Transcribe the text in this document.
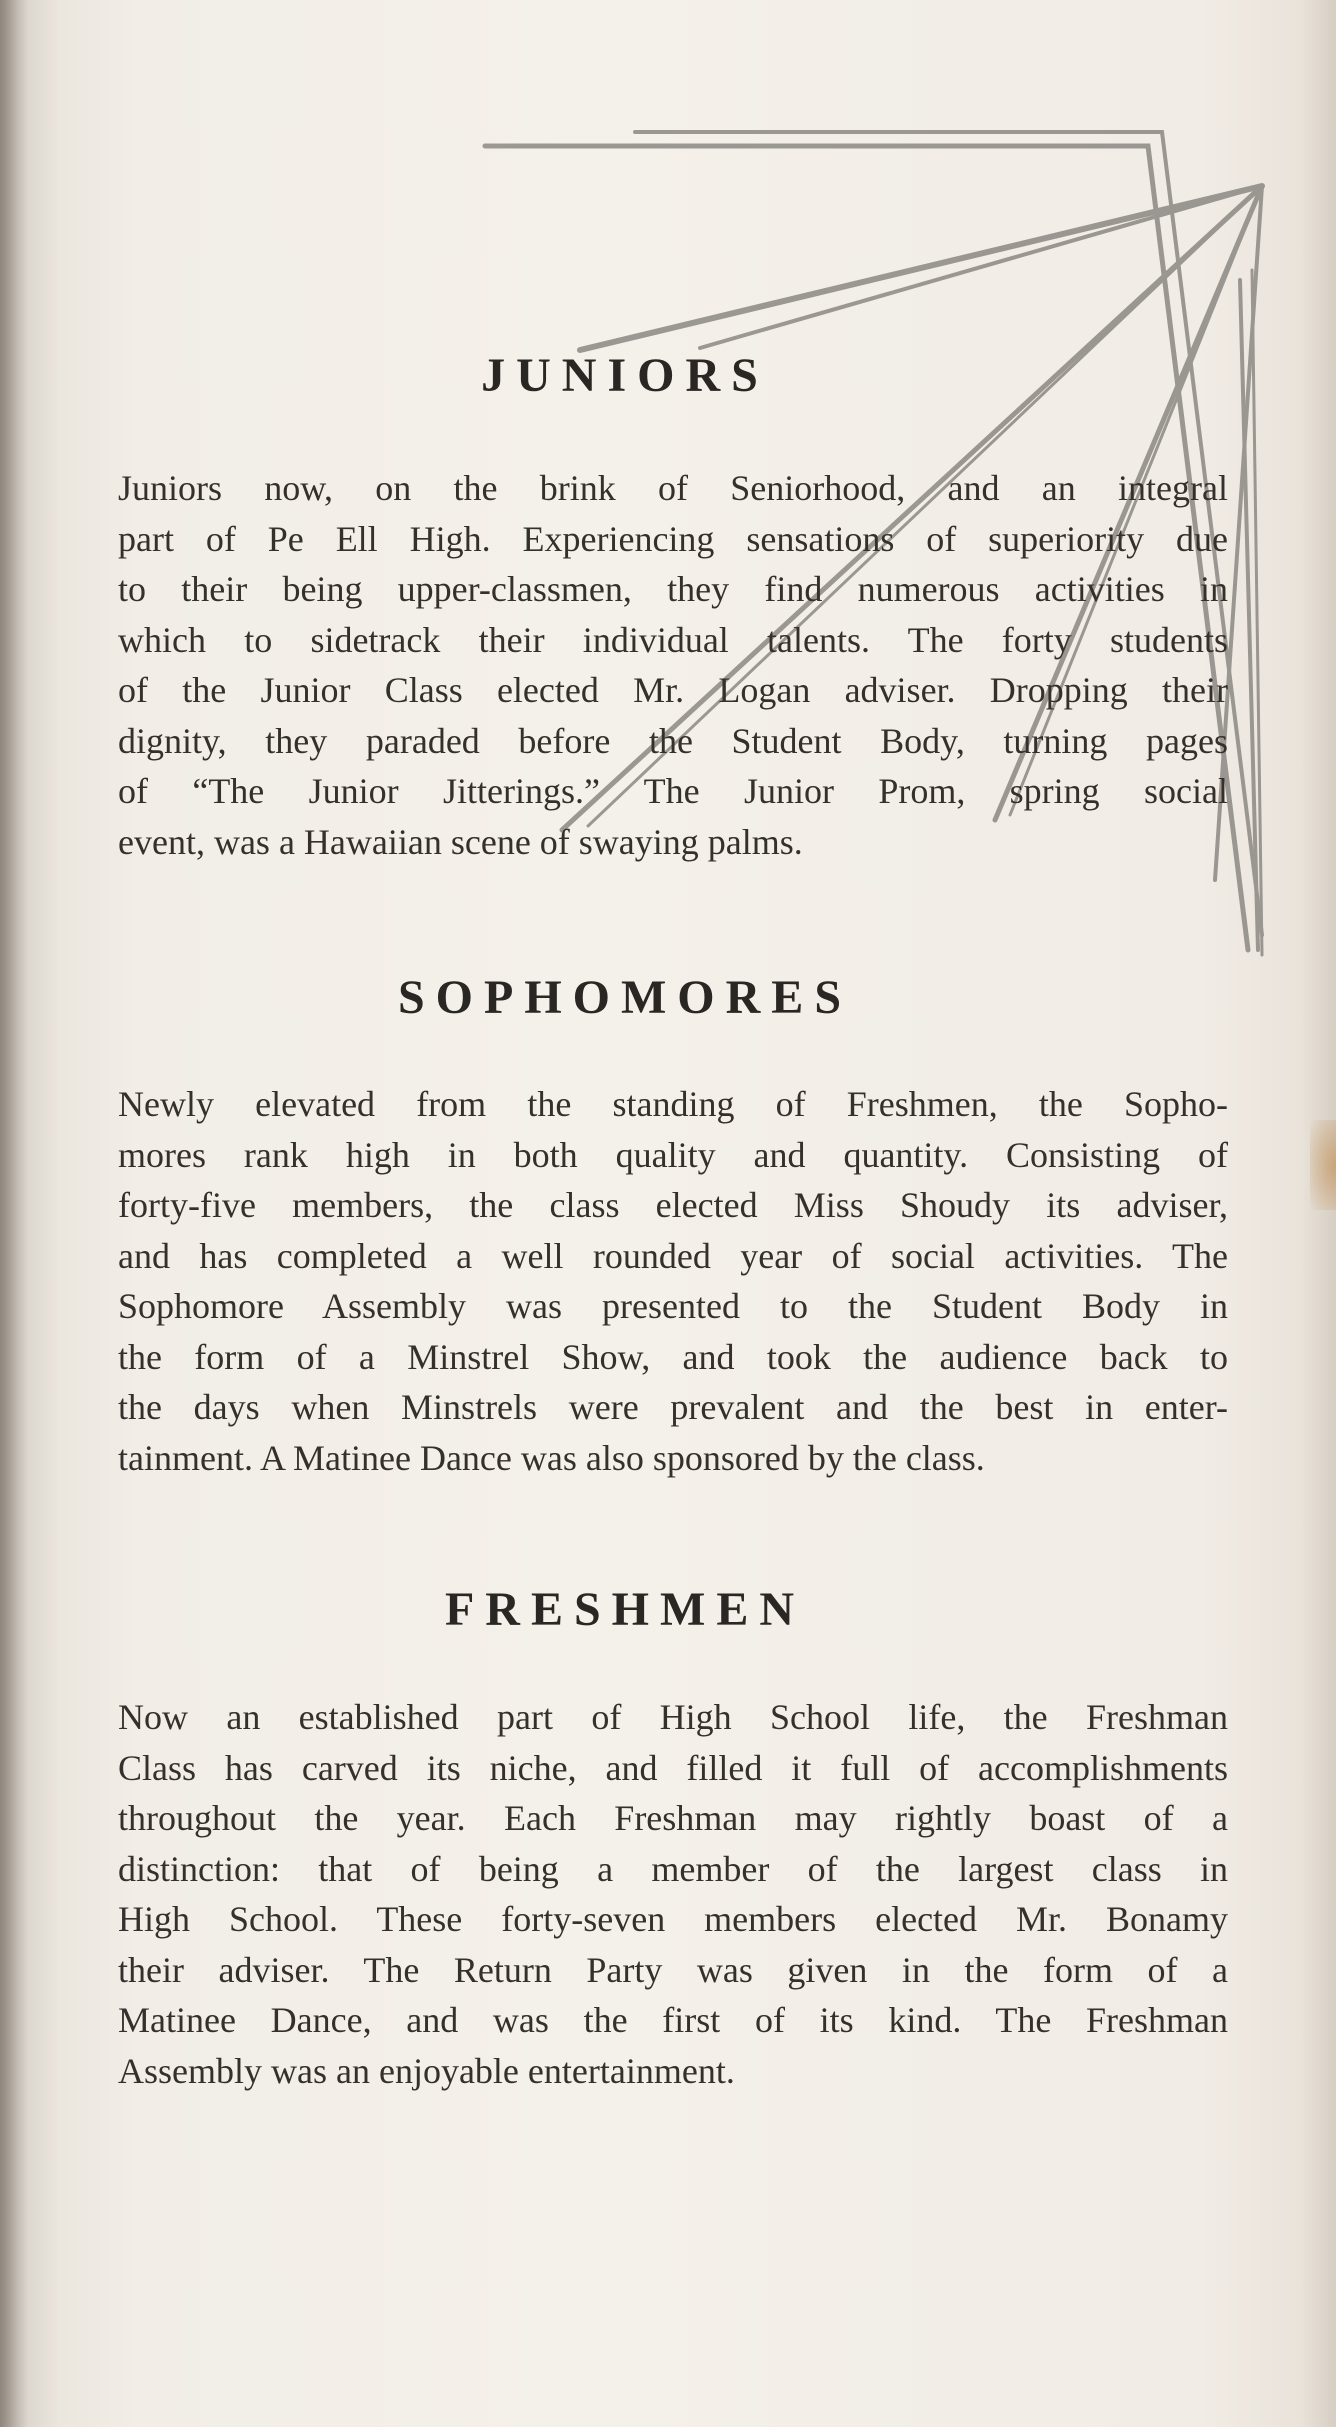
JUNIORS

Juniors now, on the brink of Seniorhood, and an integral
part of Pe Ell High. Experiencing sensations of superiority due
to their being upper-classmen, they find numerous activities in
which to sidetrack their individual talents. The forty students
of the Junior Class elected Mr. Logan adviser. Dropping their
dignity, they paraded before the Student Body, turning pages
of “The Junior Jitterings.” The Junior Prom, spring social
event, was a Hawaiian scene of swaying palms.

SOPHOMORES

Newly elevated from the standing of Freshmen, the Sopho-
mores rank high in both quality and quantity. Consisting of
forty-five members, the class elected Miss Shoudy its adviser,
and has completed a well rounded year of social activities. The
Sophomore Assembly was presented to the Student Body in
the form of a Minstrel Show, and took the audience back to
the days when Minstrels were prevalent and the best in enter-
tainment. A Matinee Dance was also sponsored by the class.

FRESHMEN

Now an established part of High School life, the Freshman
Class has carved its niche, and filled it full of accomplishments
throughout the year. Each Freshman may rightly boast of a
distinction: that of being a member of the largest class in
High School. These forty-seven members elected Mr. Bonamy
their adviser. The Return Party was given in the form of a
Matinee Dance, and was the first of its kind. The Freshman
Assembly was an enjoyable entertainment.
